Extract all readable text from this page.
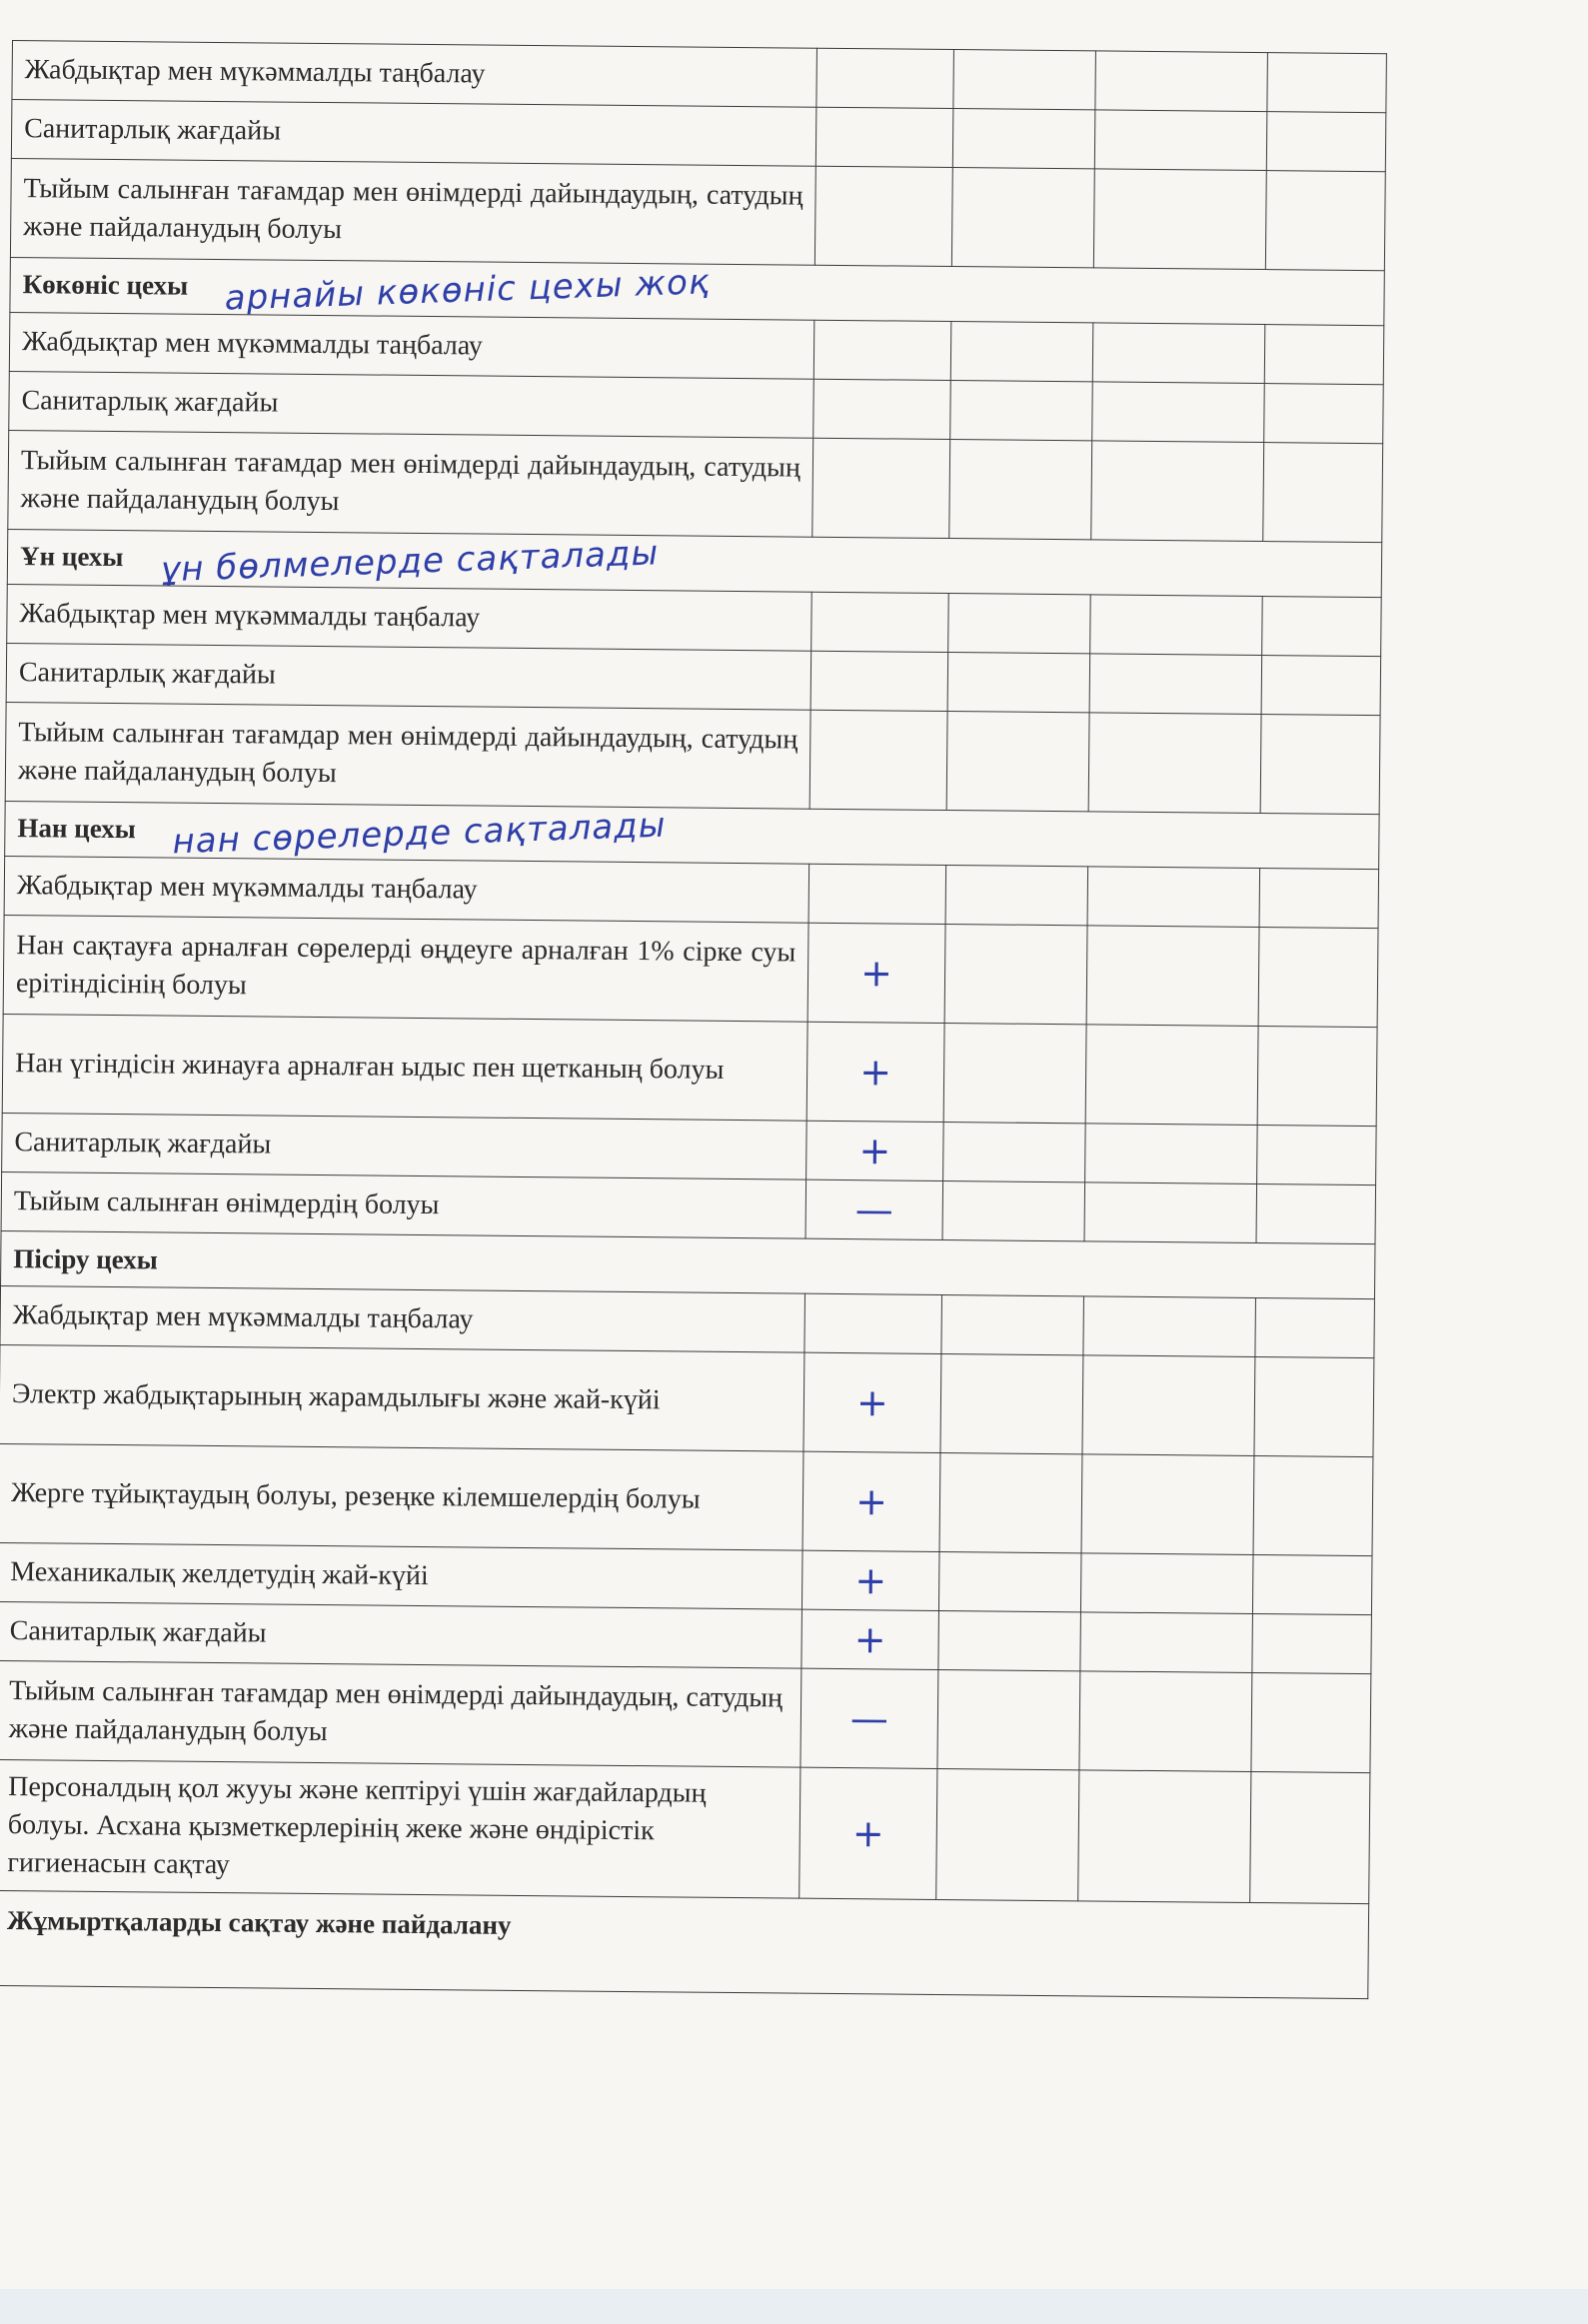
Жабдықтар мен мүкәммалды таңбалау				
Санитарлық жағдайы				
Тыйым салынған тағамдар мен өнімдерді дайындаудың, сатудың және пайдаланудың болуы				
Көкөніс цехы арнайы көкөніс цехы жоқ				
Жабдықтар мен мүкәммалды таңбалау				
Санитарлық жағдайы				
Тыйым салынған тағамдар мен өнімдерді дайындаудың, сатудың және пайдаланудың болуы				
Ұн цехы ұн бөлмелерде сақталады				
Жабдықтар мен мүкәммалды таңбалау				
Санитарлық жағдайы				
Тыйым салынған тағамдар мен өнімдерді дайындаудың, сатудың және пайдаланудың болуы				
Нан цехы нан сөрелерде сақталады				
Жабдықтар мен мүкәммалды таңбалау				
Нан сақтауға арналған сөрелерді өңдеуге арналған 1% сірке суы ерітіндісінің болуы	+			
Нан үгіндісін жинауға арналған ыдыс пен щетканың болуы	+			
Санитарлық жағдайы	+			
Тыйым салынған өнімдердің болуы	—			
Пісіру цехы				
Жабдықтар мен мүкәммалды таңбалау				
Электр жабдықтарының жарамдылығы және жай-күйі	+			
Жерге тұйықтаудың болуы, резеңке кілемшелердің болуы	+			
Механикалық желдетудің жай-күйі	+			
Санитарлық жағдайы	+			
Тыйым салынған тағамдар мен өнімдерді дайындаудың, сатудың және пайдаланудың болуы	—			
Персоналдың қол жууы және кептіруі үшін жағдайлардың болуы. Асхана қызметкерлерінің жеке және өндірістік гигиенасын сақтау	+			
Жұмыртқаларды сақтау және пайдалану				
